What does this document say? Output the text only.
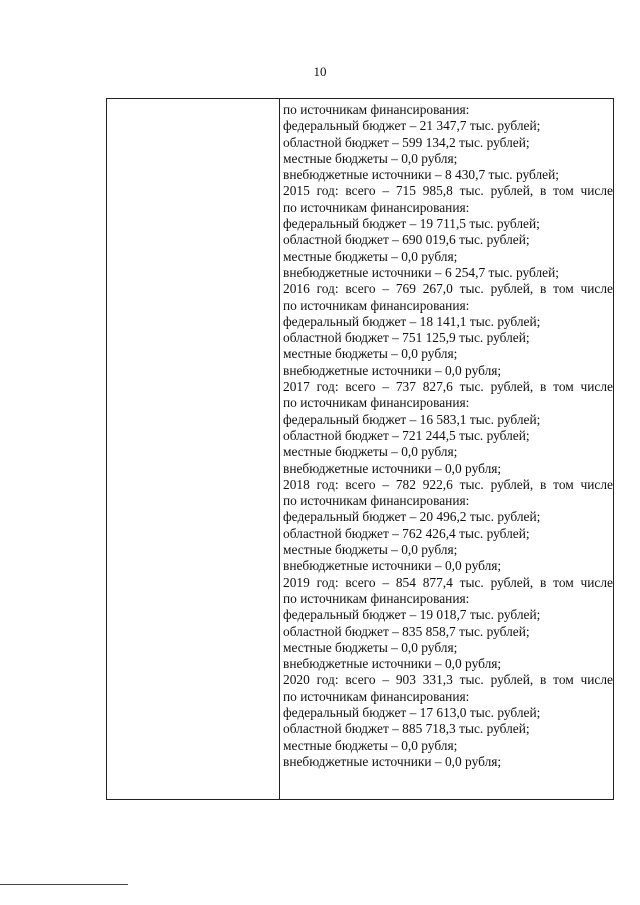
10
по источникам финансирования:
федеральный бюджет – 21 347,7 тыс. рублей;
областной бюджет – 599 134,2 тыс. рублей;
местные бюджеты – 0,0 рубля;
внебюджетные источники – 8 430,7 тыс. рублей;
2015 год: всего – 715 985,8 тыс. рублей, в том числе
по источникам финансирования:
федеральный бюджет – 19 711,5 тыс. рублей;
областной бюджет – 690 019,6 тыс. рублей;
местные бюджеты – 0,0 рубля;
внебюджетные источники – 6 254,7 тыс. рублей;
2016 год: всего – 769 267,0 тыс. рублей, в том числе
по источникам финансирования:
федеральный бюджет – 18 141,1 тыс. рублей;
областной бюджет – 751 125,9 тыс. рублей;
местные бюджеты – 0,0 рубля;
внебюджетные источники – 0,0 рубля;
2017 год: всего – 737 827,6 тыс. рублей, в том числе
по источникам финансирования:
федеральный бюджет – 16 583,1 тыс. рублей;
областной бюджет – 721 244,5 тыс. рублей;
местные бюджеты – 0,0 рубля;
внебюджетные источники – 0,0 рубля;
2018 год: всего – 782 922,6 тыс. рублей, в том числе
по источникам финансирования:
федеральный бюджет – 20 496,2 тыс. рублей;
областной бюджет – 762 426,4 тыс. рублей;
местные бюджеты – 0,0 рубля;
внебюджетные источники – 0,0 рубля;
2019 год: всего – 854 877,4 тыс. рублей, в том числе
по источникам финансирования:
федеральный бюджет – 19 018,7 тыс. рублей;
областной бюджет – 835 858,7 тыс. рублей;
местные бюджеты – 0,0 рубля;
внебюджетные источники – 0,0 рубля;
2020 год: всего – 903 331,3 тыс. рублей, в том числе
по источникам финансирования:
федеральный бюджет – 17 613,0 тыс. рублей;
областной бюджет – 885 718,3 тыс. рублей;
местные бюджеты – 0,0 рубля;
внебюджетные источники – 0,0 рубля;
